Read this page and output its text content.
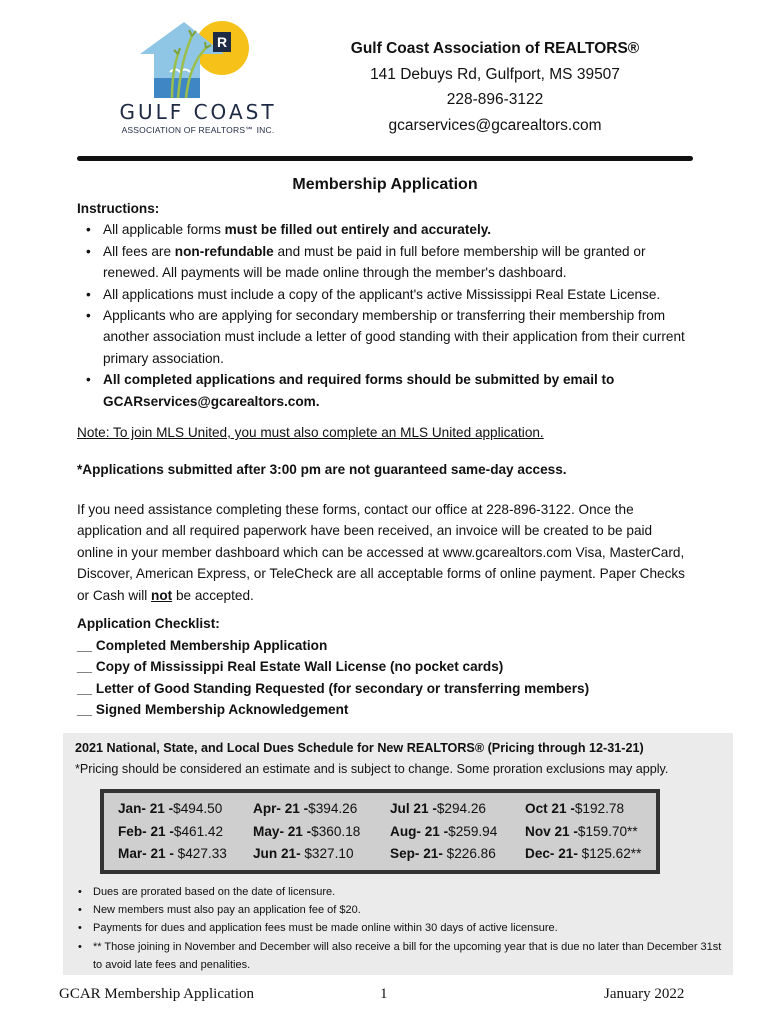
R
GULF COAST
ASSOCIATION OF REALTORS℠ INC.
Gulf Coast Association of REALTORS®
141 Debuys Rd, Gulfport, MS 39507
228-896-3122
gcarservices@gcarealtors.com
Membership Application
Instructions:
• All applicable forms must be filled out entirely and accurately.
• All fees are non-refundable and must be paid in full before membership will be granted or renewed. All payments will be made online through the member's dashboard.
• All applications must include a copy of the applicant's active Mississippi Real Estate License.
• Applicants who are applying for secondary membership or transferring their membership from another association must include a letter of good standing with their application from their current primary association.
• All completed applications and required forms should be submitted by email to GCARservices@gcarealtors.com.
Note: To join MLS United, you must also complete an MLS United application.
*Applications submitted after 3:00 pm are not guaranteed same-day access.
If you need assistance completing these forms, contact our office at 228-896-3122. Once the application and all required paperwork have been received, an invoice will be created to be paid online in your member dashboard which can be accessed at www.gcarealtors.com Visa, MasterCard, Discover, American Express, or TeleCheck are all acceptable forms of online payment. Paper Checks or Cash will not be accepted.
Application Checklist:
__ Completed Membership Application
__ Copy of Mississippi Real Estate Wall License (no pocket cards)
__ Letter of Good Standing Requested (for secondary or transferring members)
__ Signed Membership Acknowledgement
2021 National, State, and Local Dues Schedule for New REALTORS® (Pricing through 12-31-21)
*Pricing should be considered an estimate and is subject to change. Some proration exclusions may apply.
Jan- 21 -$494.50	Apr- 21 -$394.26	Jul 21 -$294.26	Oct 21 -$192.78
Feb- 21 -$461.42	May- 21 -$360.18	Aug- 21 -$259.94	Nov 21 -$159.70**
Mar- 21 - $427.33	Jun 21- $327.10	Sep- 21- $226.86	Dec- 21- $125.62**
• Dues are prorated based on the date of licensure.
• New members must also pay an application fee of $20.
• Payments for dues and application fees must be made online within 30 days of active licensure.
• ** Those joining in November and December will also receive a bill for the upcoming year that is due no later than December 31st to avoid late fees and penalities.
GCAR Membership Application	1	January 2022
